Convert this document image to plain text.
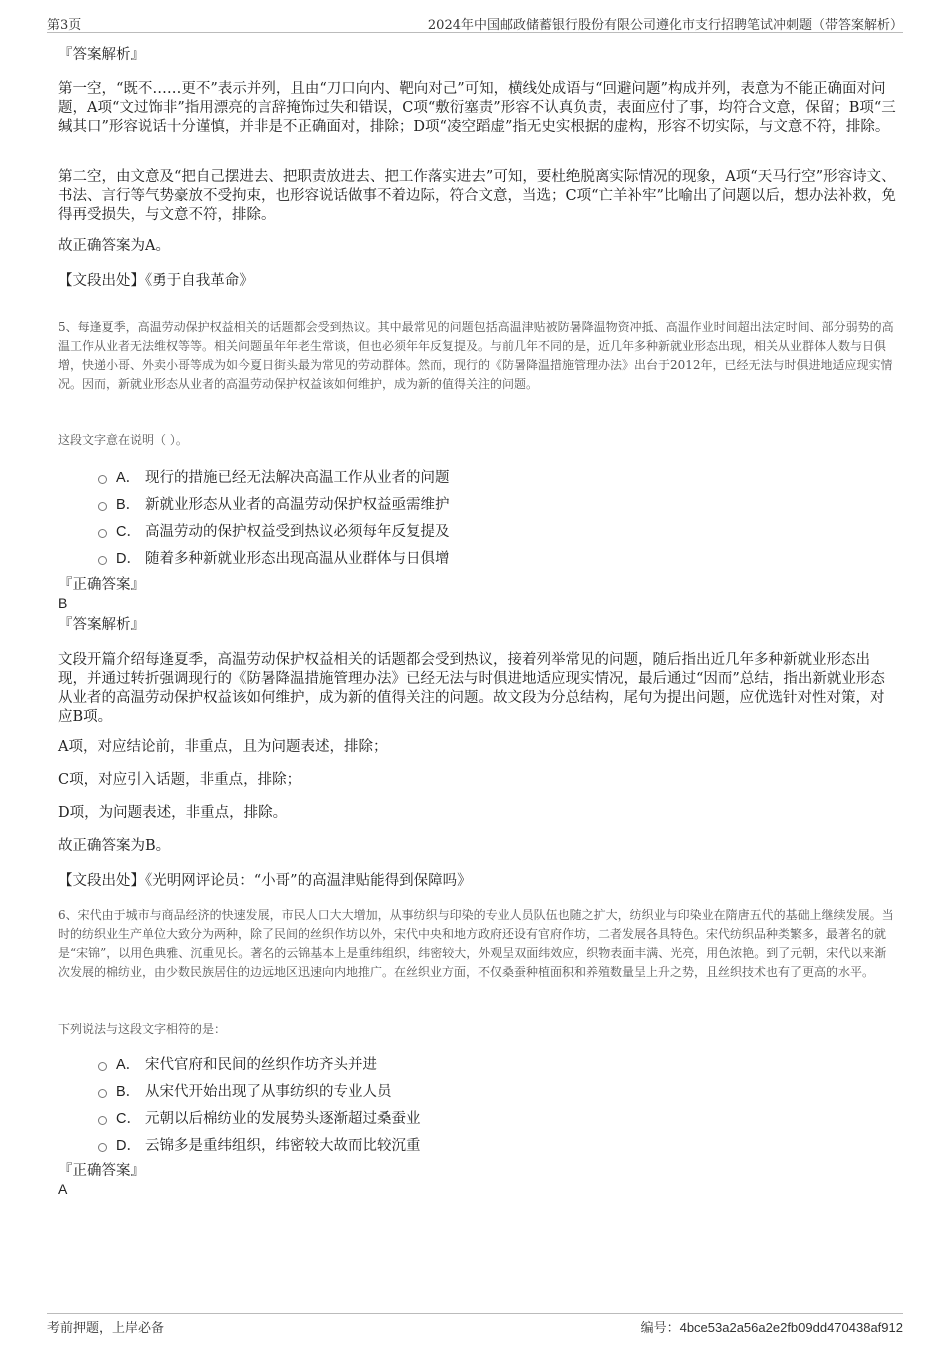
第3页	2024年中国邮政储蓄银行股份有限公司遵化市支行招聘笔试冲刺题（带答案解析）

『答案解析』

第一空，“既不……更不”表示并列，且由“刀口向内、靶向对己”可知，横线处成语与“回避问题”构成并列，表意为不能正确面对问题，A项“文过饰非”指用漂亮的言辞掩饰过失和错误，C项“敷衍塞责”形容不认真负责，表面应付了事，均符合文意，保留；B项“三缄其口”形容说话十分谨慎，并非是不正确面对，排除；D项“凌空蹈虚”指无史实根据的虚构，形容不切实际，与文意不符，排除。

第二空，由文意及“把自己摆进去、把职责放进去、把工作落实进去”可知，要杜绝脱离实际情况的现象，A项“天马行空”形容诗文、书法、言行等气势豪放不受拘束，也形容说话做事不着边际，符合文意，当选；C项“亡羊补牢”比喻出了问题以后，想办法补救，免得再受损失，与文意不符，排除。

故正确答案为A。

【文段出处】《勇于自我革命》

5、每逢夏季，高温劳动保护权益相关的话题都会受到热议。其中最常见的问题包括高温津贴被防暑降温物资冲抵、高温作业时间超出法定时间、部分弱势的高温工作从业者无法维权等等。相关问题虽年年老生常谈，但也必须年年反复提及。与前几年不同的是，近几年多种新就业形态出现，相关从业群体人数与日俱增，快递小哥、外卖小哥等成为如今夏日街头最为常见的劳动群体。然而，现行的《防暑降温措施管理办法》出台于2012年，已经无法与时俱进地适应现实情况。因而，新就业形态从业者的高温劳动保护权益该如何维护，成为新的值得关注的问题。

这段文字意在说明（ ）。

A． 现行的措施已经无法解决高温工作从业者的问题
B． 新就业形态从业者的高温劳动保护权益亟需维护
C． 高温劳动的保护权益受到热议必须每年反复提及
D． 随着多种新就业形态出现高温从业群体与日俱增

『正确答案』

B

『答案解析』

文段开篇介绍每逢夏季，高温劳动保护权益相关的话题都会受到热议，接着列举常见的问题，随后指出近几年多种新就业形态出现，并通过转折强调现行的《防暑降温措施管理办法》已经无法与时俱进地适应现实情况，最后通过“因而”总结，指出新就业形态从业者的高温劳动保护权益该如何维护，成为新的值得关注的问题。故文段为分总结构，尾句为提出问题，应优选针对性对策，对应B项。

A项，对应结论前，非重点，且为问题表述，排除；

C项，对应引入话题，非重点，排除；

D项，为问题表述，非重点，排除。

故正确答案为B。

【文段出处】《光明网评论员：“小哥”的高温津贴能得到保障吗》

6、宋代由于城市与商品经济的快速发展，市民人口大大增加，从事纺织与印染的专业人员队伍也随之扩大，纺织业与印染业在隋唐五代的基础上继续发展。当时的纺织业生产单位大致分为两种，除了民间的丝织作坊以外，宋代中央和地方政府还设有官府作坊，二者发展各具特色。宋代纺织品种类繁多，最著名的就是“宋锦”，以用色典雅、沉重见长。著名的云锦基本上是重纬组织，纬密较大，外观呈双面纬效应，织物表面丰满、光亮，用色浓艳。到了元朝，宋代以来渐次发展的棉纺业，由少数民族居住的边远地区迅速向内地推广。在丝织业方面，不仅桑蚕种植面积和养殖数量呈上升之势，且丝织技术也有了更高的水平。

下列说法与这段文字相符的是：

A． 宋代官府和民间的丝织作坊齐头并进
B． 从宋代开始出现了从事纺织的专业人员
C． 元朝以后棉纺业的发展势头逐渐超过桑蚕业
D． 云锦多是重纬组织，纬密较大故而比较沉重

『正确答案』

A

考前押题，上岸必备	编号：4bce53a2a56a2e2fb09dd470438af912
